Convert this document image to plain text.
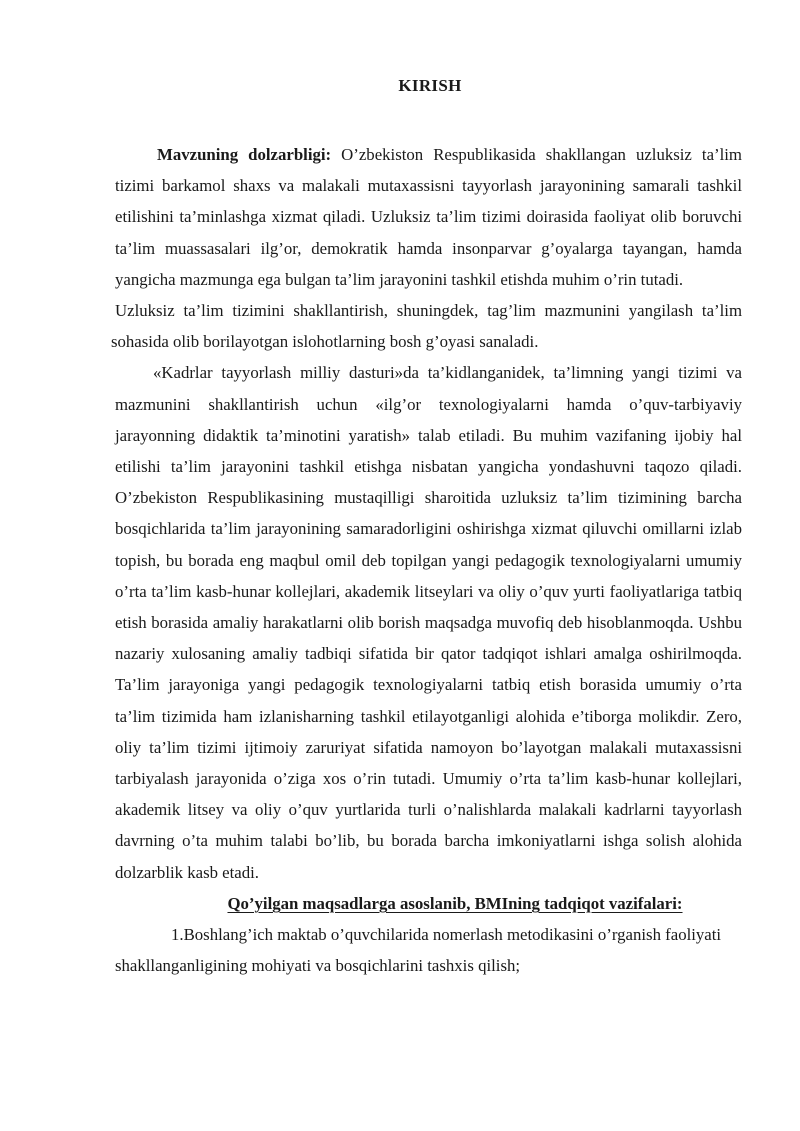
KIRISH

Mavzuning dolzarbligi: O’zbekiston Respublikasida shakllangan uzluksiz ta’lim tizimi barkamol shaxs va malakali mutaxassisni tayyorlash jarayonining samarali tashkil etilishini ta’minlashga xizmat qiladi. Uzluksiz ta’lim tizimi doirasida faoliyat olib boruvchi ta’lim muassasalari ilg’or, demokratik hamda insonparvar g’oyalarga tayangan, hamda yangicha mazmunga ega bulgan ta’lim jarayonini tashkil etishda muhim o’rin tutadi.

Uzluksiz ta’lim tizimini shakllantirish, shuningdek, tag’lim mazmunini yangilash ta’lim sohasida olib borilayotgan islohotlarning bosh g’oyasi sanaladi.

«Kadrlar tayyorlash milliy dasturi»da ta’kidlanganidek, ta’limning yangi tizimi va mazmunini shakllantirish uchun «ilg’or texnologiyalarni hamda o’quv-tarbiyaviy jarayonning didaktik ta’minotini yaratish» talab etiladi. Bu muhim vazifaning ijobiy hal etilishi ta’lim jarayonini tashkil etishga nisbatan yangicha yondashuvni taqozo qiladi. O’zbekiston Respublikasining mustaqilligi sharoitida uzluksiz ta’lim tizimining barcha bosqichlarida ta’lim jarayonining samaradorligini oshirishga xizmat qiluvchi omillarni izlab topish, bu borada eng maqbul omil deb topilgan yangi pedagogik texnologiyalarni umumiy o’rta ta’lim kasb-hunar kollejlari, akademik litseylari va oliy o’quv yurti faoliyatlariga tatbiq etish borasida amaliy harakatlarni olib borish maqsadga muvofiq deb hisoblanmoqda. Ushbu nazariy xulosaning amaliy tadbiqi sifatida bir qator tadqiqot ishlari amalga oshirilmoqda. Ta’lim jarayoniga yangi pedagogik texnologiyalarni tatbiq etish borasida umumiy o’rta ta’lim tizimida ham izlanisharning tashkil etilayotganligi alohida e’tiborga molikdir. Zero, oliy ta’lim tizimi ijtimoiy zaruriyat sifatida namoyon bo’layotgan malakali mutaxassisni tarbiyalash jarayonida o’ziga xos o’rin tutadi. Umumiy o’rta ta’lim kasb-hunar kollejlari, akademik litsey va oliy o’quv yurtlarida turli o’nalishlarda malakali kadrlarni tayyorlash davrning o’ta muhim talabi bo’lib, bu borada barcha imkoniyatlarni ishga solish alohida dolzarblik kasb etadi.

Qo’yilgan maqsadlarga asoslanib, BMIning tadqiqot vazifalari:

1.Boshlang’ich maktab o’quvchilarida nomerlash metodikasini o’rganish faoliyati shakllanganligining mohiyati va bosqichlarini tashxis qilish;
